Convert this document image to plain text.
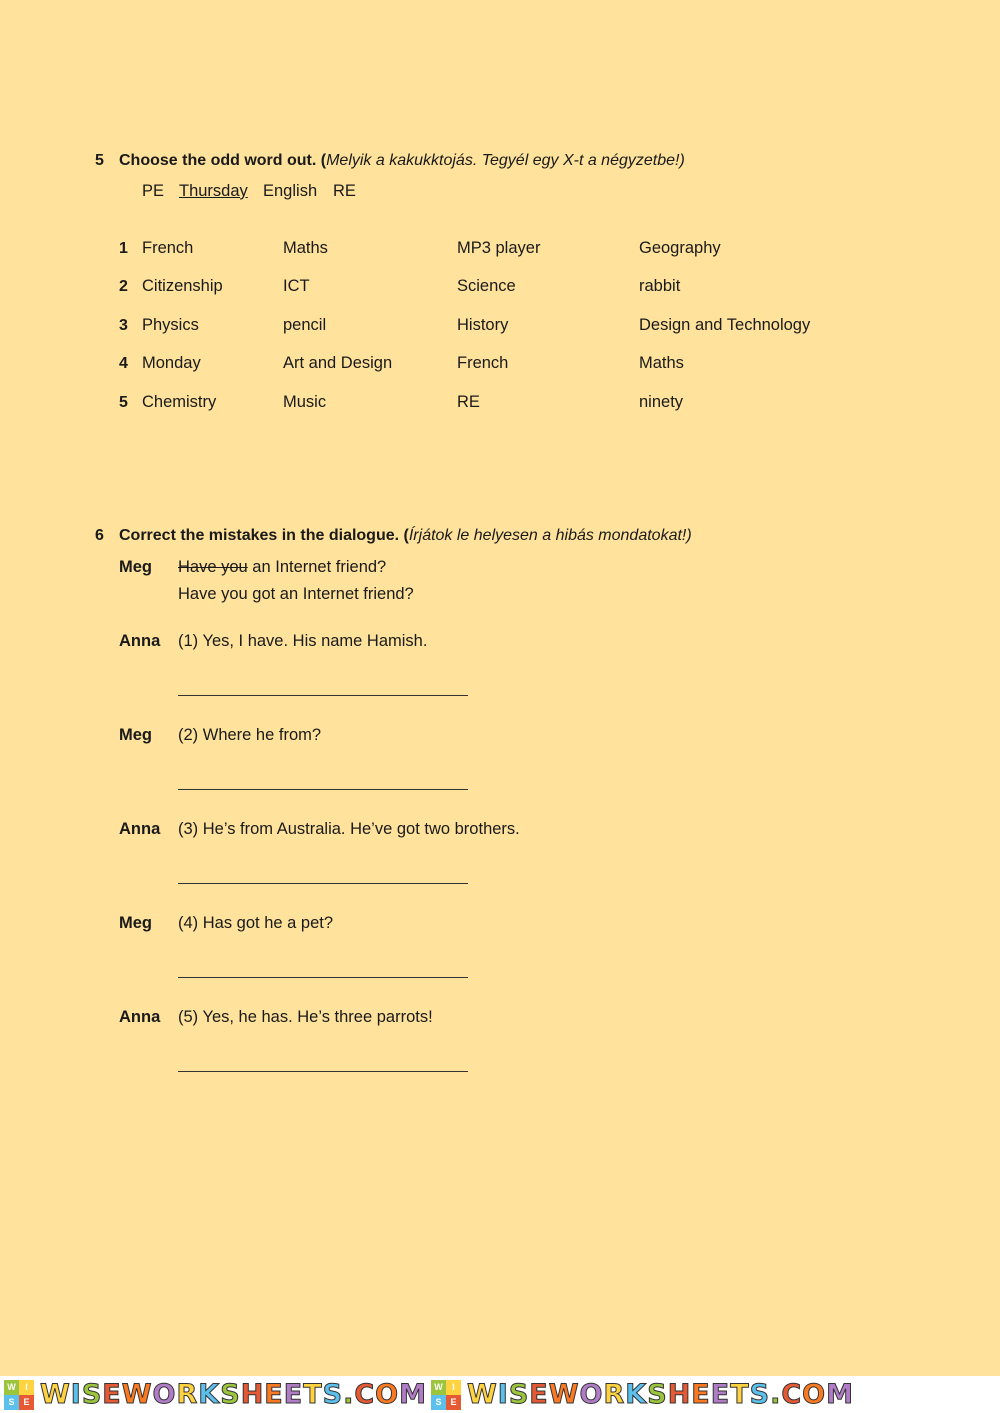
5 Choose the odd word out. (Melyik a kakukktojás. Tegyél egy X-t a négyzetbe!)
PE Thursday English RE
1 French	Maths	MP3 player	Geography
2 Citizenship	ICT	Science	rabbit
3 Physics	pencil	History	Design and Technology
4 Monday	Art and Design	French	Maths
5 Chemistry	Music	RE	ninety
6 Correct the mistakes in the dialogue. (Írjátok le helyesen a hibás mondatokat!)
Meg Have you an Internet friend?
Have you got an Internet friend?
Anna (1) Yes, I have. His name Hamish.
Meg (2) Where he from?
Anna (3) He’s from Australia. He’ve got two brothers.
Meg (4) Has got he a pet?
Anna (5) Yes, he has. He’s three parrots!
W	I
S E WISEWORKSHEETS.COM W	I
S E WISEWORKSHEETS.COM
